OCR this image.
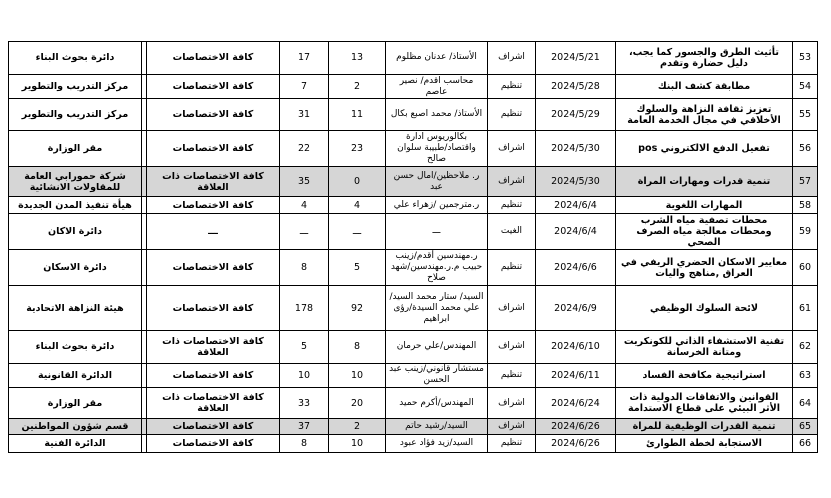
دائرة بحوث البناء		كافة الاختصاصات	17	13	الأستاذ/ عدنان مظلوم	اشراف	2024/5/21	تأثيث الطرق والجسور كما يجب، دليل حضارة وتقدم	53
مركز التدريب والتطوير		كافة الاختصاصات	7	2	محاسب اقدم/ نصير عاصم	تنظيم	2024/5/28	مطابقة كشف البنك	54
مركز التدريب والتطوير		كافة الاختصاصات	31	11	الأستاذ/ محمد اصبع بكال	تنظيم	2024/5/29	تعزيز ثقافة النزاهة والسلوك الأخلاقي في مجال الخدمة العامة	55
مقر الوزارة		كافة الاختصاصات	22	23	بكالوريوس ادارة واقتصاد/طبيبة سلوان صالح	اشراف	2024/5/30	تفعيل الدفع الالكتروني pos	56
شركة حمورابي العامة للمقاولات الانشائية		كافة الاختصاصات ذات العلاقة	35	0	ر. ملاحظين/امال حسن عبد	اشراف	2024/5/30	تنمية قدرات ومهارات المراة	57
هيأة تنفيذ المدن الجديدة		كافة الاختصاصات	4	4	ر.مترجمين /زهراء علي	تنظيم	2024/6/4	المهارات اللغوية	58
دائرة الاكان		ـــ	ـــ	ـــ	ـــ	الغيت	2024/6/4	محطات تصفية مياه الشرب ومحطات معالجة مياه الصرف الصحي	59
دائرة الاسكان		كافة الاختصاصات	8	5	ر.مهندسين أقدم/زينب حبيب م.ر.مهندسين/شهد صلاح	تنظيم	2024/6/6	معايير الاسكان الحضري الريفي في العراق ,مناهج واليات	60
هيئة النزاهة الاتحادية		كافة الاختصاصات	178	92	السيد/ ستار محمد السيد/علي محمد السيدة/رؤى ابراهيم	اشراف	2024/6/9	لائحة السلوك الوظيفي	61
دائرة بحوث البناء		كافة الاختصاصات ذات العلاقة	5	8	المهندس/علي حرمان	اشراف	2024/6/10	تقنية الاستشفاء الذاتي للكونكريت ومتانة الخرسانة	62
الدائرة القانونية		كافة الاختصاصات	10	10	مستشار قانوني/زينب عبد الحسن	تنظيم	2024/6/11	استراتيجية مكافحة الفساد	63
مقر الوزارة		كافة الاختصاصات ذات العلاقة	33	20	المهندس/أكرم حميد	اشراف	2024/6/24	القوانين والاتفاقات الدولية ذات الأثر البيئي على قطاع الاستدامة	64
قسم شؤون المواطنين		كافة الاختصاصات	37	2	السيد/رشيد حاتم	اشراف	2024/6/26	تنمية القدرات الوظيفية للمراة	65
الدائرة الفنية		كافة الاختصاصات	8	10	السيد/زيد فؤاد عبود	تنظيم	2024/6/26	الاستجابة لخطة الطوارئ	66
